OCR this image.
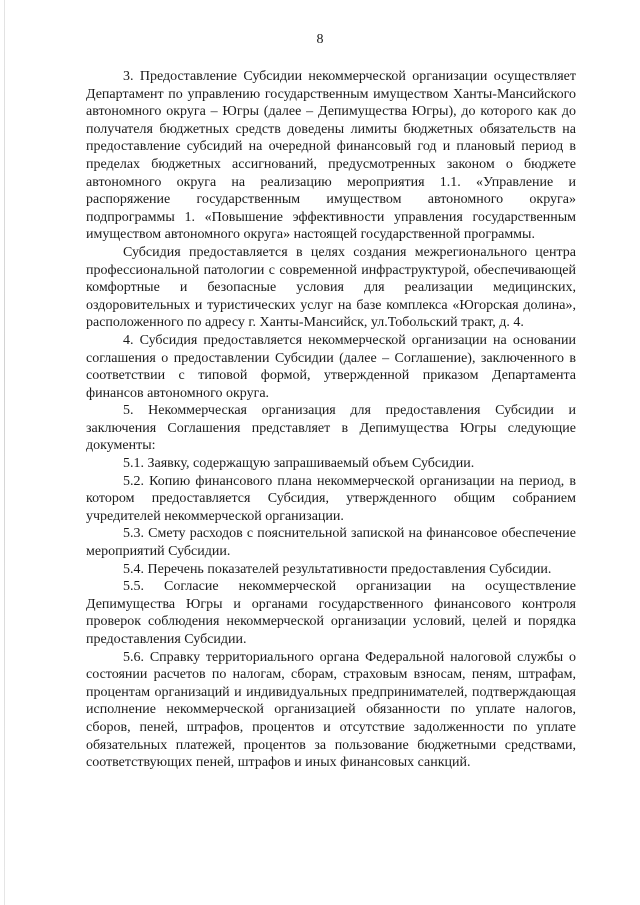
8

3. Предоставление Субсидии некоммерческой организации осуществляет Департамент по управлению государственным имуществом Ханты-Мансийского автономного округа – Югры (далее – Депимущества Югры), до которого как до получателя бюджетных средств доведены лимиты бюджетных обязательств на предоставление субсидий на очередной финансовый год и плановый период в пределах бюджетных ассигнований, предусмотренных законом о бюджете автономного округа на реализацию мероприятия 1.1. «Управление и распоряжение государственным имуществом автономного округа» подпрограммы 1. «Повышение эффективности управления государственным имуществом автономного округа» настоящей государственной программы.

Субсидия предоставляется в целях создания межрегионального центра профессиональной патологии с современной инфраструктурой, обеспечивающей комфортные и безопасные условия для реализации медицинских, оздоровительных и туристических услуг на базе комплекса «Югорская долина», расположенного по адресу г. Ханты-Мансийск, ул.Тобольский тракт, д. 4.

4. Субсидия предоставляется некоммерческой организации на основании соглашения о предоставлении Субсидии (далее – Соглашение), заключенного в соответствии с типовой формой, утвержденной приказом Департамента финансов автономного округа.

5. Некоммерческая организация для предоставления Субсидии и заключения Соглашения представляет в Депимущества Югры следующие документы:

5.1. Заявку, содержащую запрашиваемый объем Субсидии.

5.2. Копию финансового плана некоммерческой организации на период, в котором предоставляется Субсидия, утвержденного общим собранием учредителей некоммерческой организации.

5.3. Смету расходов с пояснительной запиской на финансовое обеспечение мероприятий Субсидии.

5.4. Перечень показателей результативности предоставления Субсидии.

5.5. Согласие некоммерческой организации на осуществление Депимущества Югры и органами государственного финансового контроля проверок соблюдения некоммерческой организации условий, целей и порядка предоставления Субсидии.

5.6. Справку территориального органа Федеральной налоговой службы о состоянии расчетов по налогам, сборам, страховым взносам, пеням, штрафам, процентам организаций и индивидуальных предпринимателей, подтверждающая исполнение некоммерческой организацией обязанности по уплате налогов, сборов, пеней, штрафов, процентов и отсутствие задолженности по уплате обязательных платежей, процентов за пользование бюджетными средствами, соответствующих пеней, штрафов и иных финансовых санкций.
